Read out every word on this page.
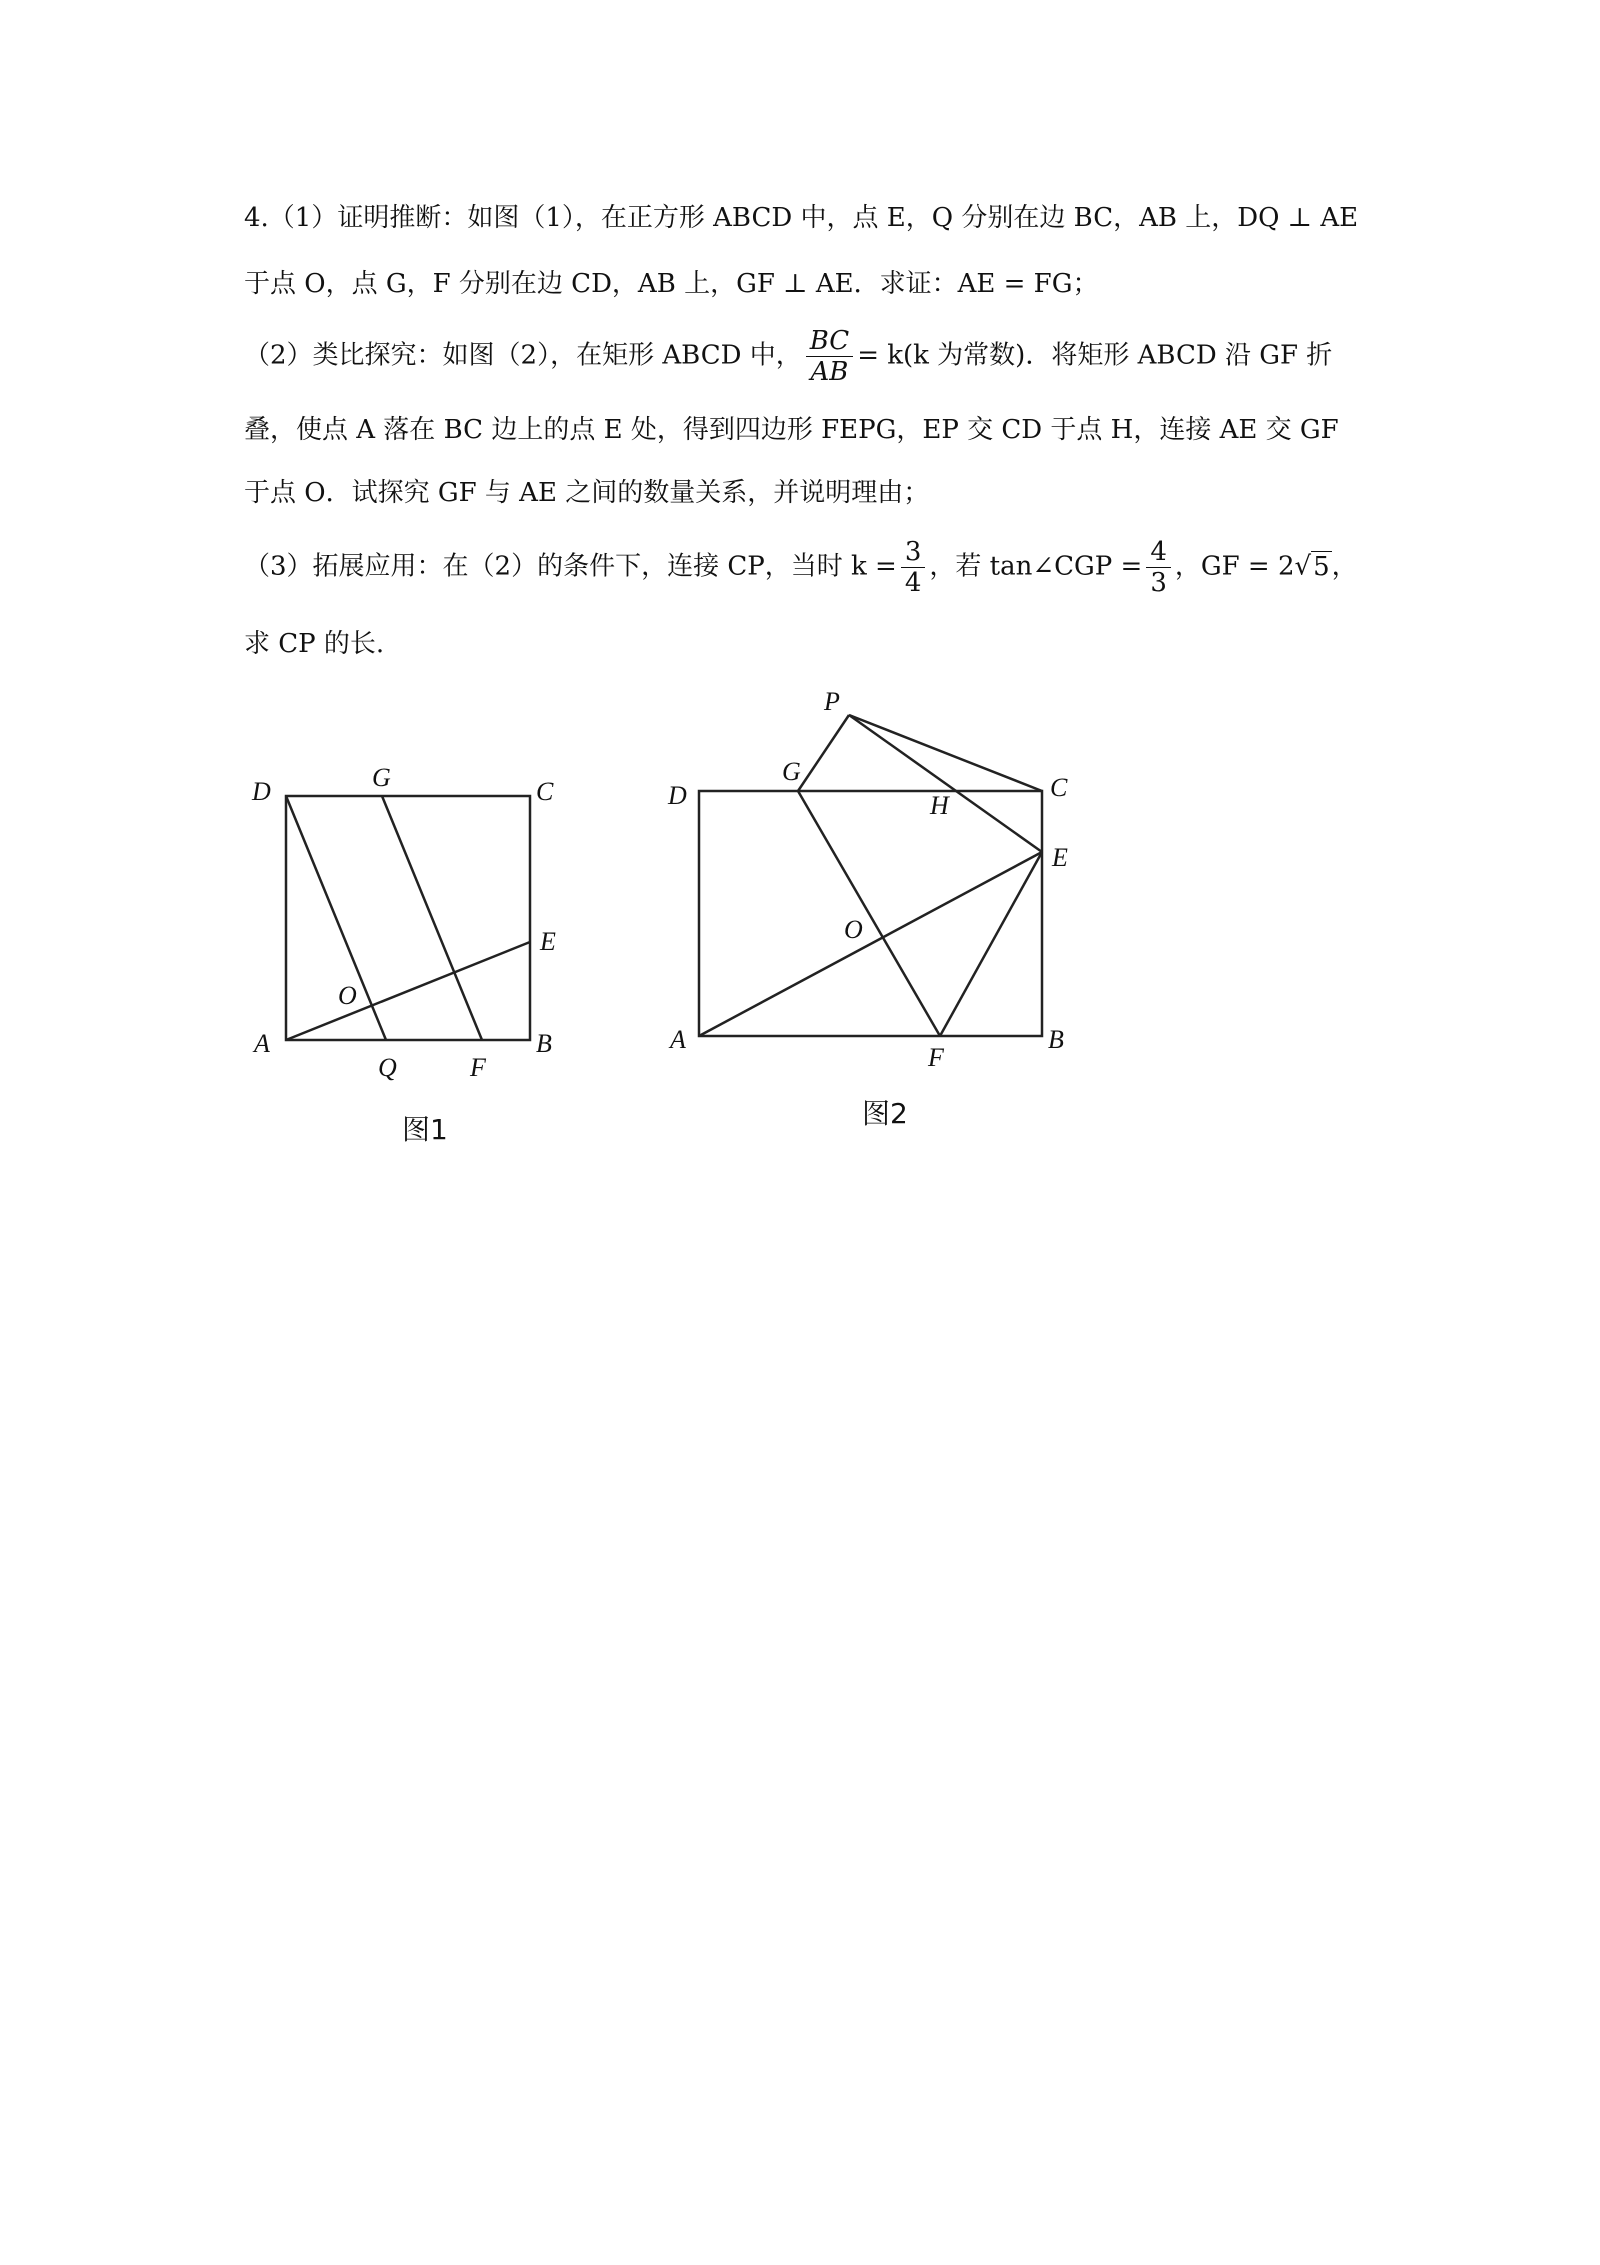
4.（1）证明推断：如图（1），在正方形 ABCD 中，点 E，Q 分别在边 BC，AB 上，DQ ⊥ AE
于点 O，点 G，F 分别在边 CD，AB 上，GF ⊥ AE．求证：AE = FG；
（2）类比探究：如图（2），在矩形 ABCD 中， $\frac{BC}{AB} = k(k$ 为常数)．将矩形 ABCD 沿 GF 折
叠，使点 A 落在 BC 边上的点 E 处，得到四边形 FEPG，EP 交 CD 于点 H，连接 AE 交 GF
于点 O．试探究 GF 与 AE 之间的数量关系，并说明理由；
（3）拓展应用：在（2）的条件下，连接 CP，当时 $k = \frac{3}{4}$ ，若 tan∠CGP = $\frac{4}{3}$ ，GF = 2√5，
求 CP 的长.
D	G	C
E
O
A
Q	F
B
P
G
D	H
C
E
O
A
F
B
图1	图2
